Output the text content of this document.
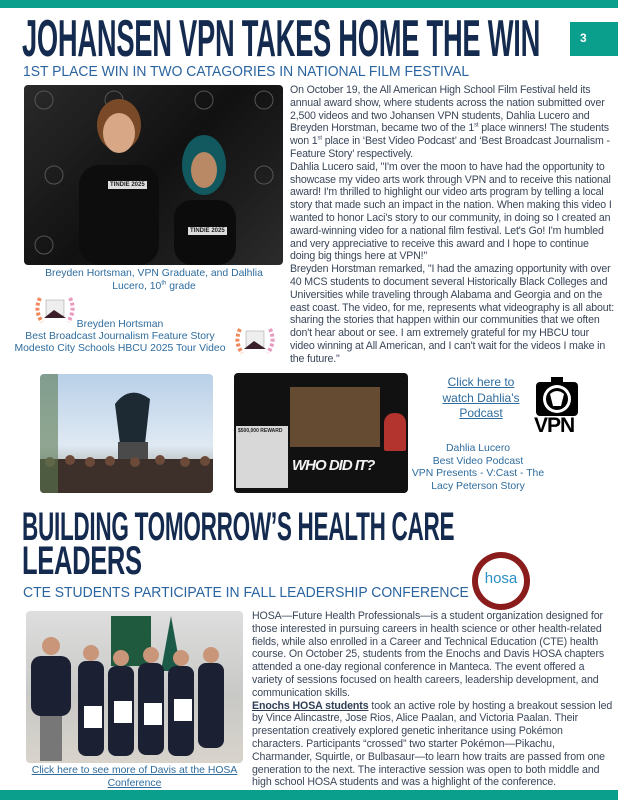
JOHANSEN VPN TAKES HOME THE WIN	3
1ST PLACE WIN IN TWO CATAGORIES IN NATIONAL FILM FESTIVAL
TINDIE 2025
TINDIE 2025

On October 19, the All American High School Film Festival held its annual award show, where students across the nation submitted over 2,500 videos and two Johansen VPN students, Dahlia Lucero and Breyden Horstman, became two of the 1st place winners! The students won 1st place in ‘Best Video Podcast’ and ‘Best Broadcast Journalism - Feature Story’ respectively.

Dahlia Lucero said, "I'm over the moon to have had the opportunity to showcase my video arts work through VPN and to receive this national award! I'm thrilled to highlight our video arts program by telling a local story that made such an impact in the nation. When making this video I wanted to honor Laci's story to our community, in doing so I created an award-winning video for a national film festival. Let's Go! I'm humbled and very appreciative to receive this award and I hope to continue doing big things here at VPN!"

Breyden Horstman remarked, "I had the amazing opportunity with over 40 MCS students to document several Historically Black Colleges and Universities while traveling through Alabama and Georgia and on the east coast. The video, for me, represents what videography is all about: sharing the stories that happen within our communities that we often don't hear about or see. I am extremely grateful for my HBCU tour video winning at All American, and I can't wait for the videos I make in the future."

Breyden Hortsman, VPN Graduate, and Dalhlia Lucero, 10th grade
Breyden Hortsman
Best Broadcast Journalism Feature Story
Modesto City Schools HBCU 2025 Tour Video
$500,000 REWARD
WHO DID IT?
Click here to watch Dahlia's Podcast
VPN
Dahlia Lucero
Best Video Podcast
VPN Presents - V:Cast - The Lacy Peterson Story
BUILDING TOMORROW’S HEALTH CARE
LEADERS
CTE STUDENTS PARTICIPATE IN FALL LEADERSHIP CONFERENCE
hosa
Click here to see more of Davis at the HOSA Conference

HOSA—Future Health Professionals—is a student organization designed for those interested in pursuing careers in health science or other health-related fields, while also enrolled in a Career and Technical Education (CTE) health course. On October 25, students from the Enochs and Davis HOSA chapters attended a one-day regional conference in Manteca. The event offered a variety of sessions focused on health careers, leadership development, and communication skills.

Enochs HOSA students took an active role by hosting a breakout session led by Vince Alincastre, Jose Rios, Alice Paalan, and Victoria Paalan. Their presentation creatively explored genetic inheritance using Pokémon characters. Participants “crossed” two starter Pokémon—Pikachu, Charmander, Squirtle, or Bulbasaur—to learn how traits are passed from one generation to the next. The interactive session was open to both middle and high school HOSA students and was a highlight of the conference.
